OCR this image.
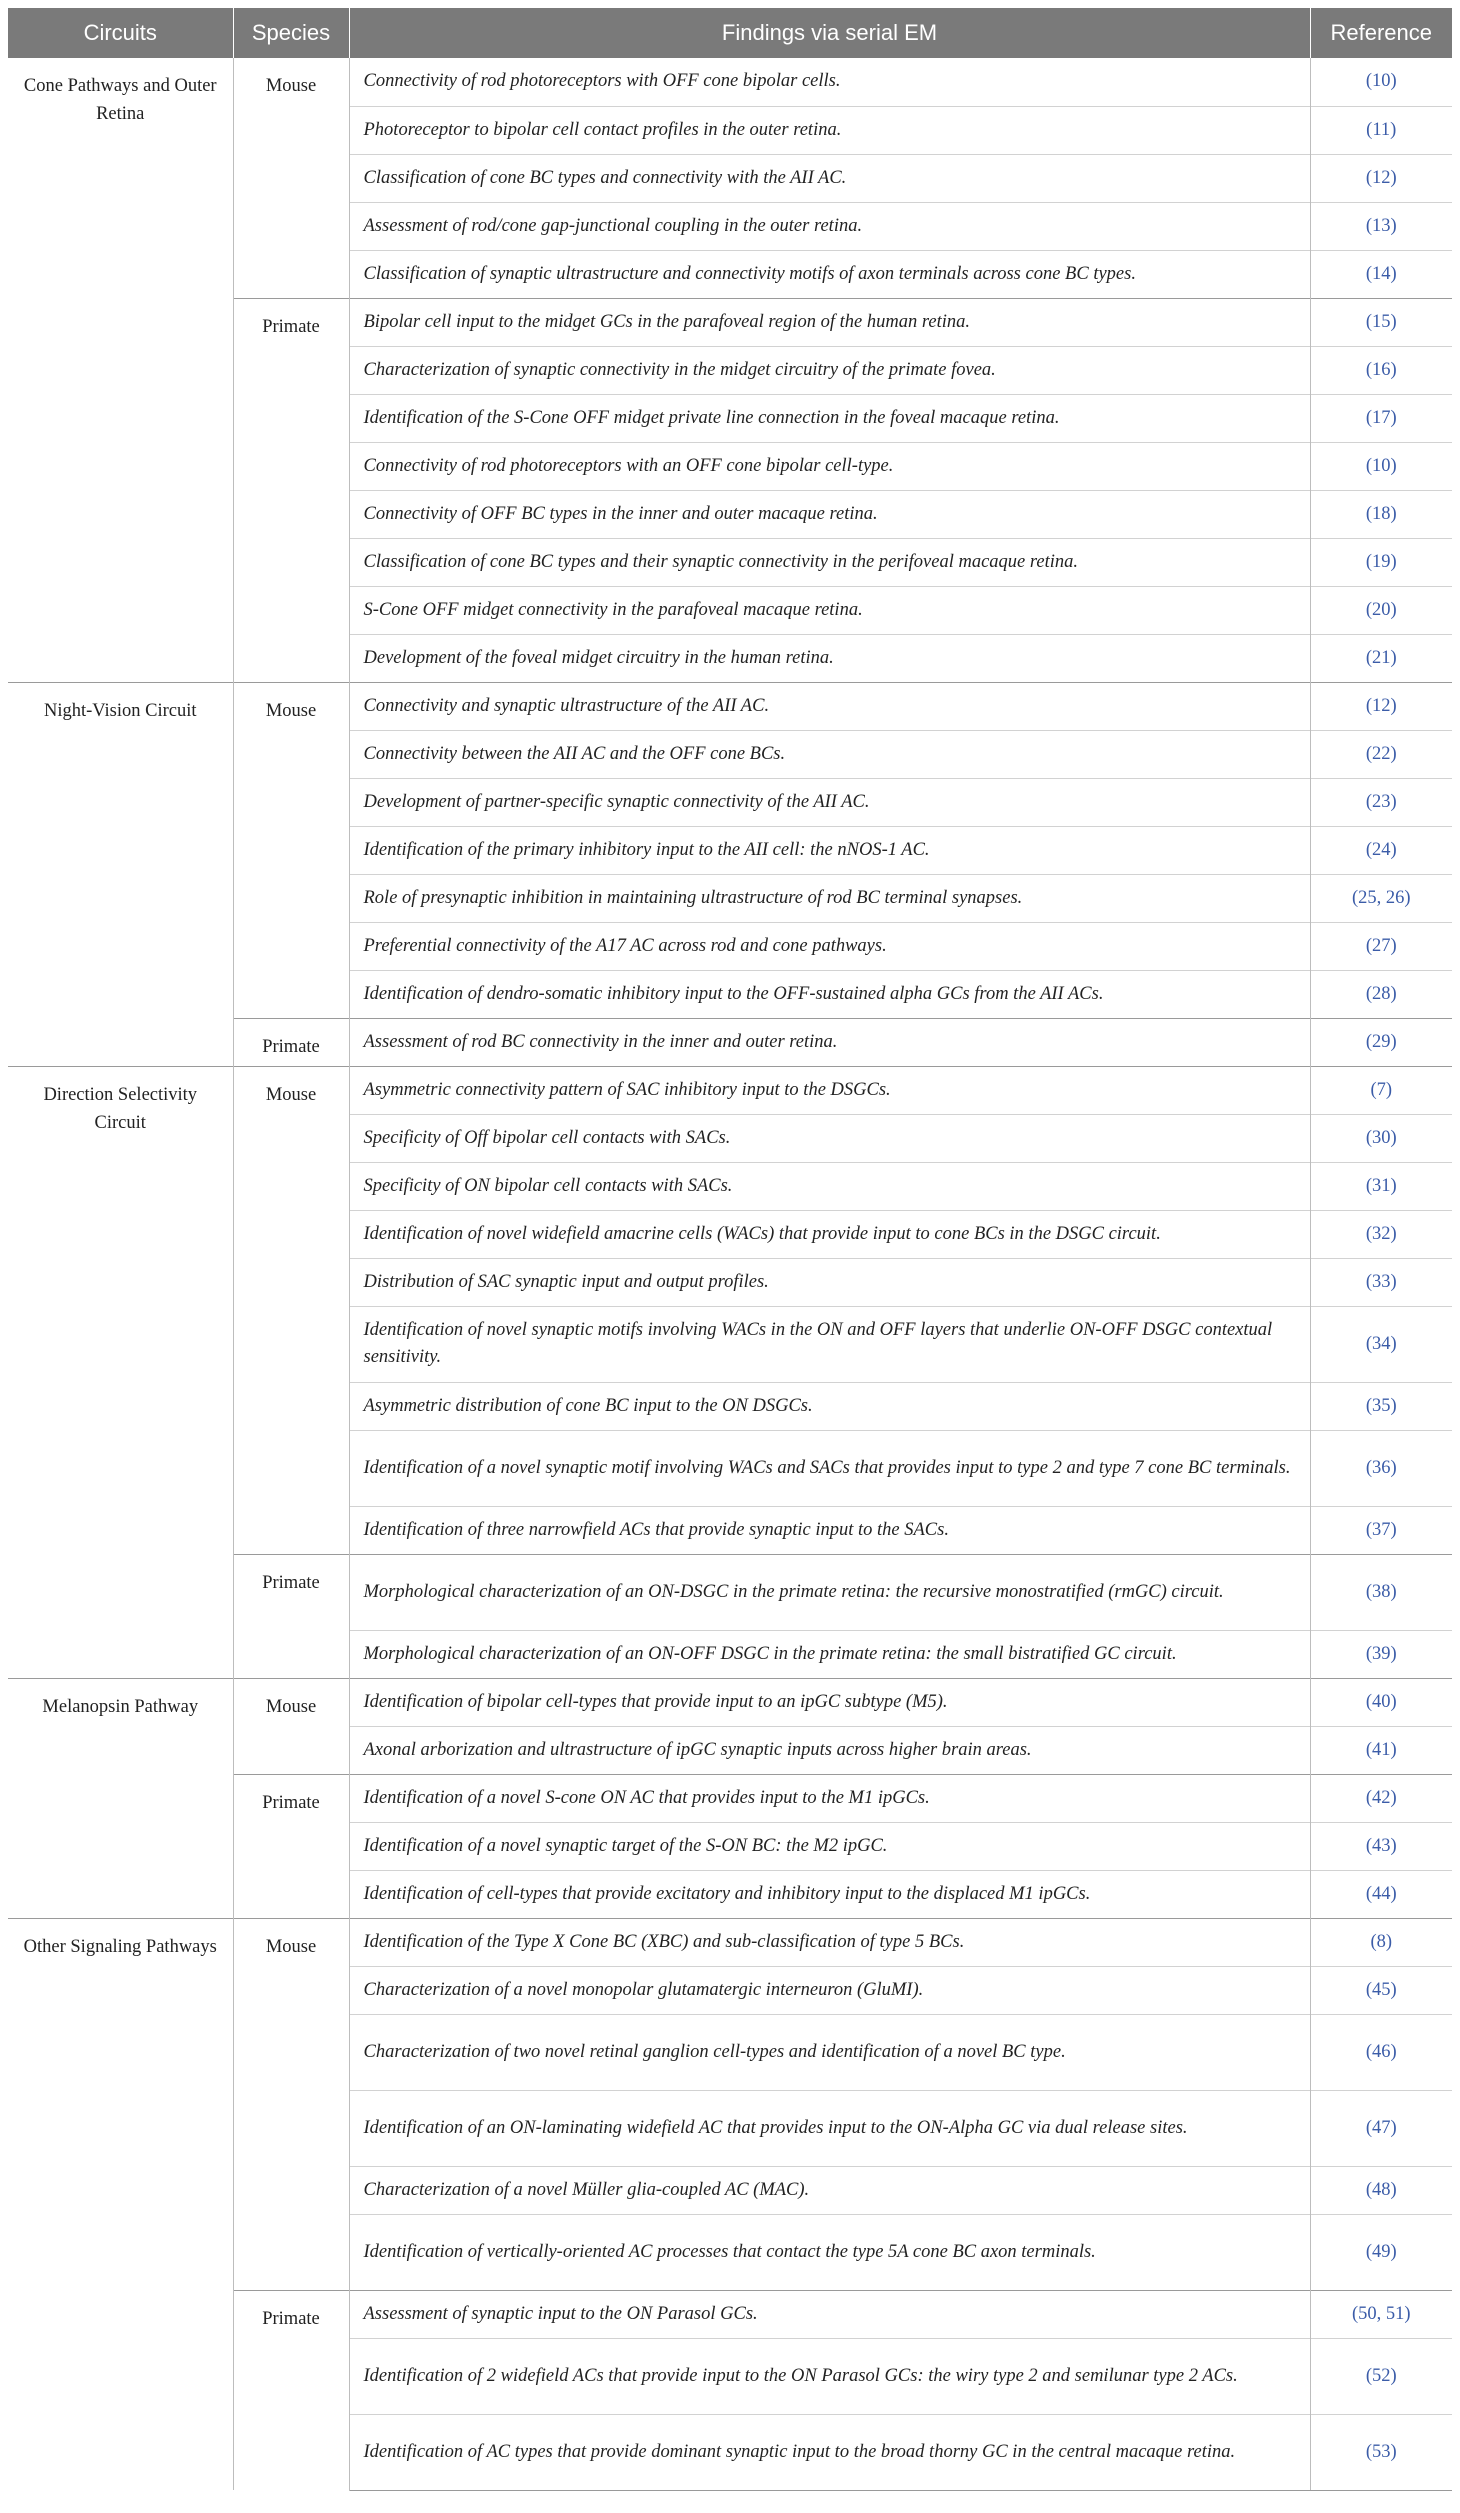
Circuits	Species	Findings via serial EM	Reference
Cone Pathways and Outer Retina	Mouse	Connectivity of rod photoreceptors with OFF cone bipolar cells.	(10)
		Photoreceptor to bipolar cell contact profiles in the outer retina.	(11)
		Classification of cone BC types and connectivity with the AII AC.	(12)
		Assessment of rod/cone gap-junctional coupling in the outer retina.	(13)
		Classification of synaptic ultrastructure and connectivity motifs of axon terminals across cone BC types.	(14)
	Primate	Bipolar cell input to the midget GCs in the parafoveal region of the human retina.	(15)
		Characterization of synaptic connectivity in the midget circuitry of the primate fovea.	(16)
		Identification of the S-Cone OFF midget private line connection in the foveal macaque retina.	(17)
		Connectivity of rod photoreceptors with an OFF cone bipolar cell-type.	(10)
		Connectivity of OFF BC types in the inner and outer macaque retina.	(18)
		Classification of cone BC types and their synaptic connectivity in the perifoveal macaque retina.	(19)
		S-Cone OFF midget connectivity in the parafoveal macaque retina.	(20)
		Development of the foveal midget circuitry in the human retina.	(21)
Night-Vision Circuit	Mouse	Connectivity and synaptic ultrastructure of the AII AC.	(12)
		Connectivity between the AII AC and the OFF cone BCs.	(22)
		Development of partner-specific synaptic connectivity of the AII AC.	(23)
		Identification of the primary inhibitory input to the AII cell: the nNOS-1 AC.	(24)
		Role of presynaptic inhibition in maintaining ultrastructure of rod BC terminal synapses.	(25, 26)
		Preferential connectivity of the A17 AC across rod and cone pathways.	(27)
		Identification of dendro-somatic inhibitory input to the OFF-sustained alpha GCs from the AII ACs.	(28)
	Primate	Assessment of rod BC connectivity in the inner and outer retina.	(29)
Direction Selectivity Circuit	Mouse	Asymmetric connectivity pattern of SAC inhibitory input to the DSGCs.	(7)
		Specificity of Off bipolar cell contacts with SACs.	(30)
		Specificity of ON bipolar cell contacts with SACs.	(31)
		Identification of novel widefield amacrine cells (WACs) that provide input to cone BCs in the DSGC circuit.	(32)
		Distribution of SAC synaptic input and output profiles.	(33)
		Identification of novel synaptic motifs involving WACs in the ON and OFF layers that underlie ON-OFF DSGC contextual sensitivity.	(34)
		Asymmetric distribution of cone BC input to the ON DSGCs.	(35)
		Identification of a novel synaptic motif involving WACs and SACs that provides input to type 2 and type 7 cone BC terminals.	(36)
		Identification of three narrowfield ACs that provide synaptic input to the SACs.	(37)
	Primate	Morphological characterization of an ON-DSGC in the primate retina: the recursive monostratified (rmGC) circuit.	(38)
		Morphological characterization of an ON-OFF DSGC in the primate retina: the small bistratified GC circuit.	(39)
Melanopsin Pathway	Mouse	Identification of bipolar cell-types that provide input to an ipGC subtype (M5).	(40)
		Axonal arborization and ultrastructure of ipGC synaptic inputs across higher brain areas.	(41)
	Primate	Identification of a novel S-cone ON AC that provides input to the M1 ipGCs.	(42)
		Identification of a novel synaptic target of the S-ON BC: the M2 ipGC.	(43)
		Identification of cell-types that provide excitatory and inhibitory input to the displaced M1 ipGCs.	(44)
Other Signaling Pathways	Mouse	Identification of the Type X Cone BC (XBC) and sub-classification of type 5 BCs.	(8)
		Characterization of a novel monopolar glutamatergic interneuron (GluMI).	(45)
		Characterization of two novel retinal ganglion cell-types and identification of a novel BC type.	(46)
		Identification of an ON-laminating widefield AC that provides input to the ON-Alpha GC via dual release sites.	(47)
		Characterization of a novel Müller glia-coupled AC (MAC).	(48)
		Identification of vertically-oriented AC processes that contact the type 5A cone BC axon terminals.	(49)
	Primate	Assessment of synaptic input to the ON Parasol GCs.	(50, 51)
		Identification of 2 widefield ACs that provide input to the ON Parasol GCs: the wiry type 2 and semilunar type 2 ACs.	(52)
		Identification of AC types that provide dominant synaptic input to the broad thorny GC in the central macaque retina.	(53)
